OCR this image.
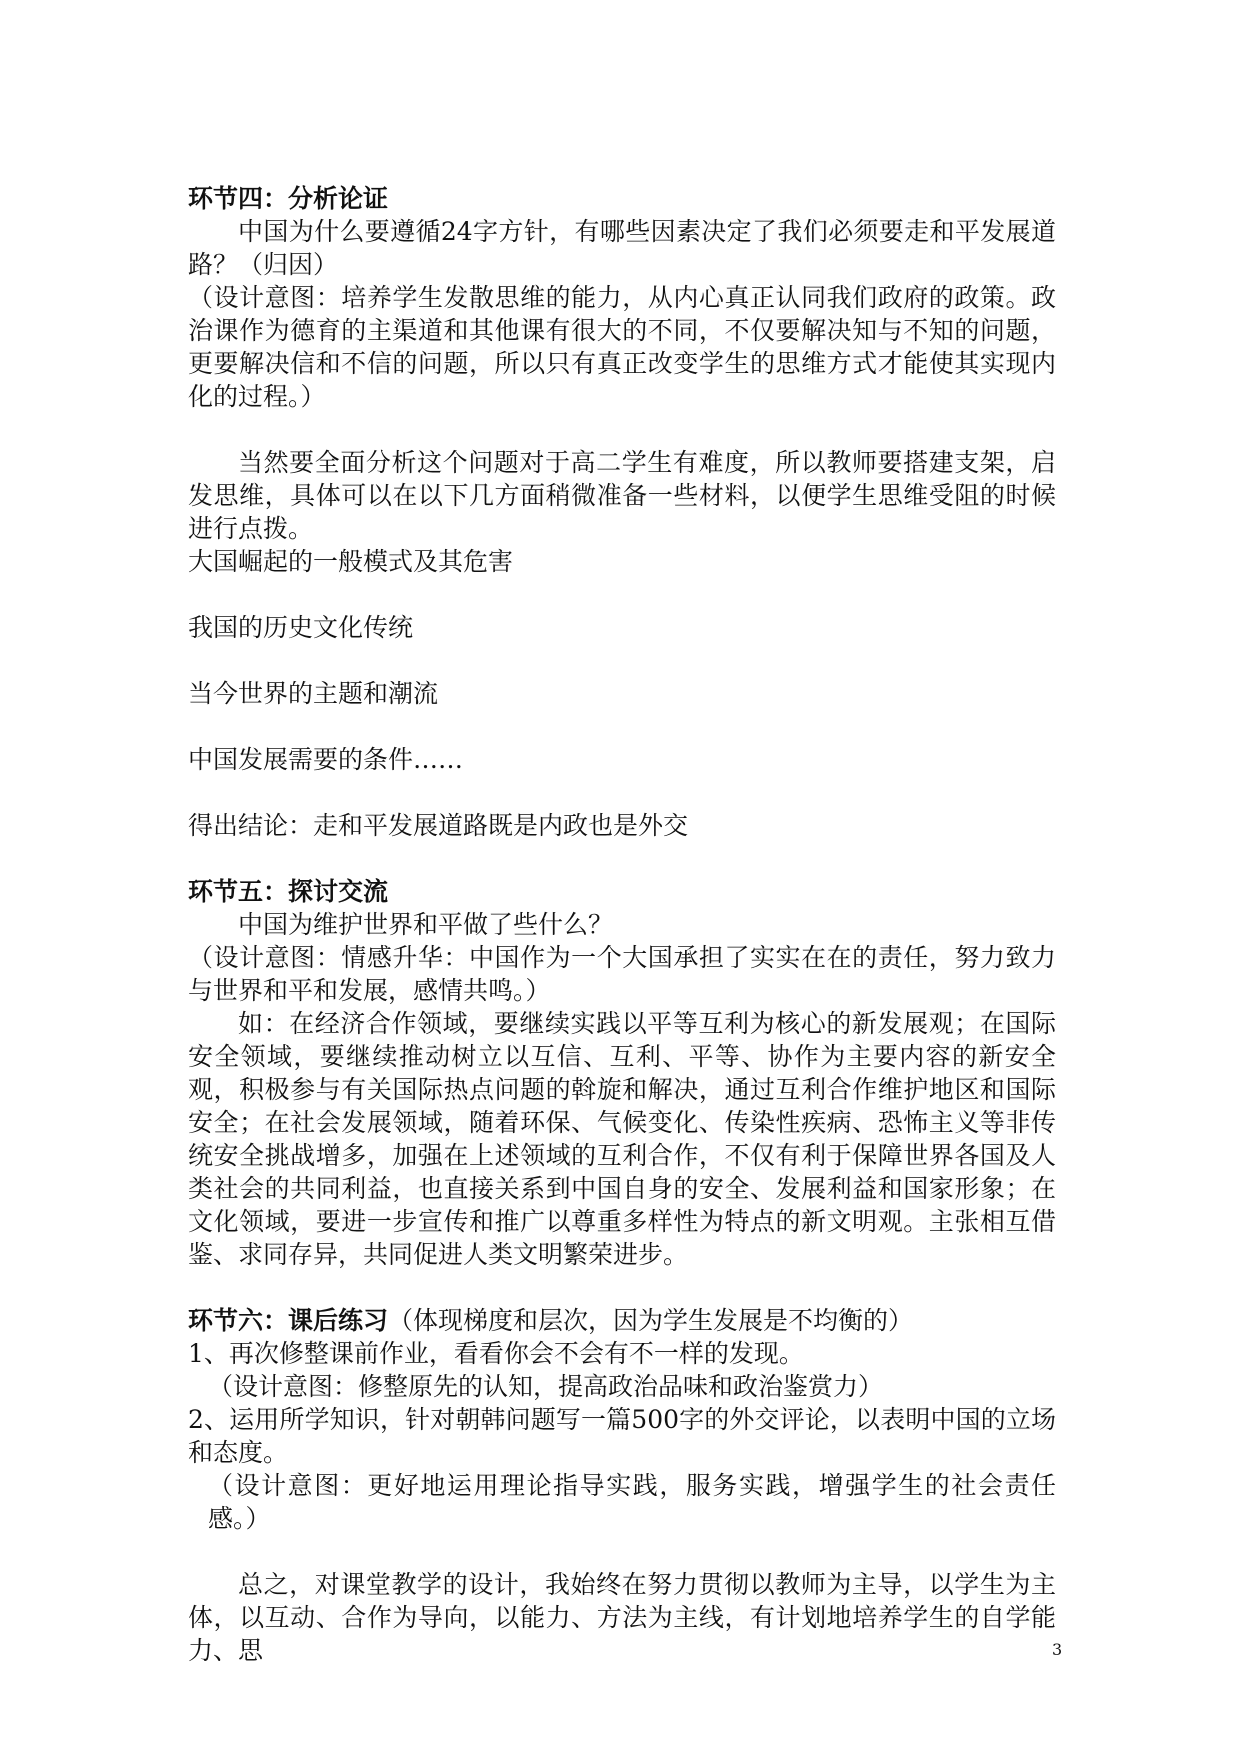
环节四：分析论证

中国为什么要遵循24字方针，有哪些因素决定了我们必须要走和平发展道路？（归因）

（设计意图：培养学生发散思维的能力，从内心真正认同我们政府的政策。政治课作为德育的主渠道和其他课有很大的不同，不仅要解决知与不知的问题，更要解决信和不信的问题，所以只有真正改变学生的思维方式才能使其实现内化的过程。）

当然要全面分析这个问题对于高二学生有难度，所以教师要搭建支架，启发思维，具体可以在以下几方面稍微准备一些材料，以便学生思维受阻的时候进行点拨。

大国崛起的一般模式及其危害

我国的历史文化传统

当今世界的主题和潮流

中国发展需要的条件……

得出结论：走和平发展道路既是内政也是外交

环节五：探讨交流

中国为维护世界和平做了些什么？

（设计意图：情感升华：中国作为一个大国承担了实实在在的责任，努力致力与世界和平和发展，感情共鸣。）

如：在经济合作领域，要继续实践以平等互利为核心的新发展观；在国际安全领域，要继续推动树立以互信、互利、平等、协作为主要内容的新安全观，积极参与有关国际热点问题的斡旋和解决，通过互利合作维护地区和国际安全；在社会发展领域，随着环保、气候变化、传染性疾病、恐怖主义等非传统安全挑战增多，加强在上述领域的互利合作，不仅有利于保障世界各国及人类社会的共同利益，也直接关系到中国自身的安全、发展利益和国家形象；在文化领域，要进一步宣传和推广以尊重多样性为特点的新文明观。主张相互借鉴、求同存异，共同促进人类文明繁荣进步。

环节六：课后练习（体现梯度和层次，因为学生发展是不均衡的）

1、再次修整课前作业，看看你会不会有不一样的发现。

（设计意图：修整原先的认知，提高政治品味和政治鉴赏力）

2、运用所学知识，针对朝韩问题写一篇500字的外交评论，以表明中国的立场和态度。

（设计意图：更好地运用理论指导实践，服务实践，增强学生的社会责任感。）

总之，对课堂教学的设计，我始终在努力贯彻以教师为主导，以学生为主体，以互动、合作为导向，以能力、方法为主线，有计划地培养学生的自学能力、思	3
